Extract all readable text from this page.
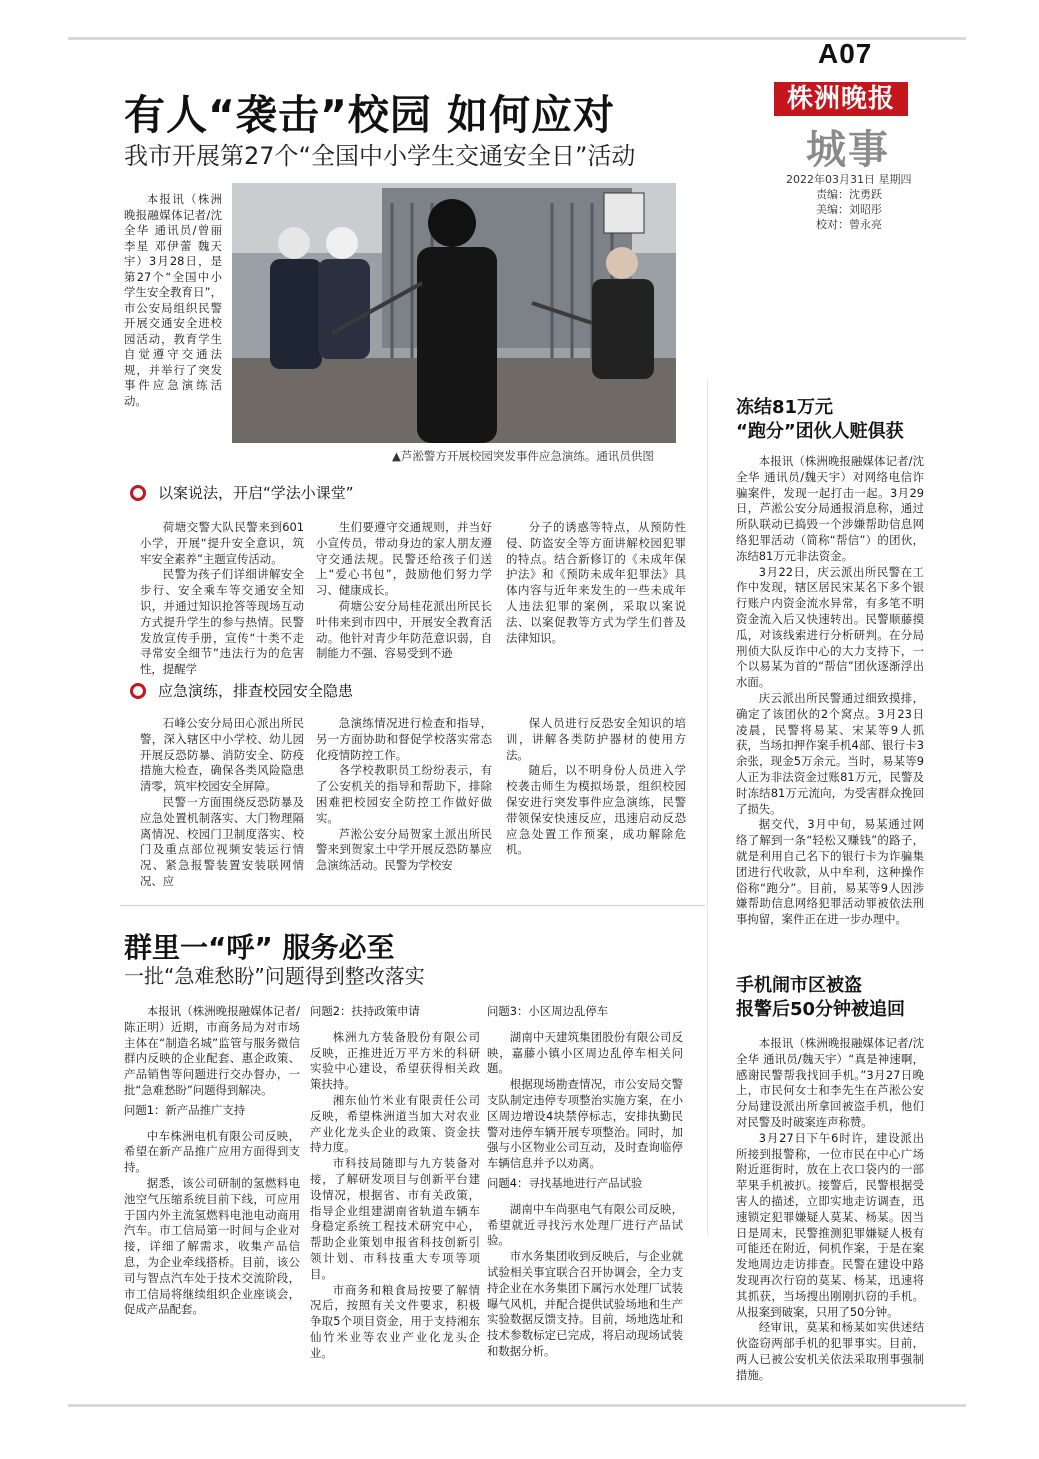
A07
株洲晚报
城事
2022年03月31日 星期四
责编：沈勇跃
美编：刘昭彤
校对：曾永亮
有人“袭击”校园 如何应对
我市开展第27个“全国中小学生交通安全日”活动

本报讯（株洲晚报融媒体记者/沈全华 通讯员/曾丽 李星 邓伊蕾 魏天宇）3月28日，是第27个“全国中小学生安全教育日”，市公安局组织民警开展交通安全进校园活动，教育学生自觉遵守交通法规，并举行了突发事件应急演练活动。

▲芦淞警方开展校园突发事件应急演练。通讯员供图
以案说法，开启“学法小课堂”

荷塘交警大队民警来到601小学，开展“提升安全意识，筑牢安全素养”主题宣传活动。

民警为孩子们详细讲解安全步行、安全乘车等交通安全知识，并通过知识抢答等现场互动方式提升学生的参与热情。民警发放宣传手册，宣传“十类不走寻常安全细节”违法行为的危害性，提醒学

生们要遵守交通规则，并当好小宣传员，带动身边的家人朋友遵守交通法规。民警还给孩子们送上“爱心书包”，鼓励他们努力学习、健康成长。

荷塘公安分局桂花派出所民长叶伟来到市四中，开展安全教育活动。他针对青少年防范意识弱，自制能力不强、容易受到不逊

分子的诱惑等特点，从预防性侵、防盗安全等方面讲解校园犯罪的特点。结合新修订的《未成年保护法》和《预防未成年犯罪法》具体内容与近年来发生的一些未成年人违法犯罪的案例，采取以案说法、以案促教等方式为学生们普及法律知识。

应急演练，排查校园安全隐患

石峰公安分局田心派出所民警，深入辖区中小学校、幼儿园开展反恐防暴、消防安全、防疫措施大检查，确保各类风险隐患清零，筑牢校园安全屏障。

民警一方面围绕反恐防暴及应急处置机制落实、大门物理隔离情况、校园门卫制度落实、校门及重点部位视频安装运行情况、紧急报警装置安装联网情况、应

急演练情况进行检查和指导，另一方面协助和督促学校落实常态化疫情防控工作。

各学校教职员工纷纷表示，有了公安机关的指导和帮助下，排除困难把校园安全防控工作做好做实。

芦淞公安分局贺家土派出所民警来到贺家土中学开展反恐防暴应急演练活动。民警为学校安

保人员进行反恐安全知识的培训，讲解各类防护器材的使用方法。

随后，以不明身份人员进入学校袭击师生为模拟场景，组织校园保安进行突发事件应急演练，民警带领保安快速反应，迅速启动反恐应急处置工作预案，成功解除危机。

群里一“呼” 服务必至
一批“急难愁盼”问题得到整改落实

本报讯（株洲晚报融媒体记者/陈正明）近期，市商务局为对市场主体在“制造名城”监管与服务微信群内反映的企业配套、惠企政策、产品销售等问题进行交办督办，一批“急难愁盼”问题得到解决。

问题1：新产品推广支持

中车株洲电机有限公司反映，希望在新产品推广应用方面得到支持。

据悉，该公司研制的氢燃料电池空气压缩系统目前下线，可应用于国内外主流氢燃料电池电动商用汽车。市工信局第一时间与企业对接，详细了解需求，收集产品信息，为企业牵线搭桥。目前，该公司与智点汽车处于技术交流阶段，市工信局将继续组织企业座谈会，促成产品配套。

问题2：扶持政策申请

株洲九方装备股份有限公司反映，正推进近万平方米的科研实验中心建设，希望获得相关政策扶持。

湘东仙竹米业有限责任公司反映，希望株洲道当加大对农业产业化龙头企业的政策、资金扶持力度。

市科技局随即与九方装备对接，了解研发项目与创新平台建设情况，根据省、市有关政策，指导企业组建湖南省轨道车辆车身稳定系统工程技术研究中心，帮助企业策划申报省科技创新引领计划、市科技重大专项等项目。

市商务和粮食局按要了解情况后，按照有关文件要求，积极争取5个项目资金，用于支持湘东仙竹米业等农业产业化龙头企业。

问题3：小区周边乱停车

湖南中天建筑集团股份有限公司反映，嘉藤小镇小区周边乱停车相关问题。

根据现场勘查情况，市公安局交警支队制定违停专项整治实施方案，在小区周边增设4块禁停标志，安排执勤民警对违停车辆开展专项整治。同时，加强与小区物业公司互动，及时查询临停车辆信息并予以劝离。

问题4：寻找基地进行产品试验

湖南中车尚驱电气有限公司反映，希望就近寻找污水处理厂进行产品试验。

市水务集团收到反映后，与企业就试验相关事宜联合召开协调会，全力支持企业在水务集团下属污水处理厂试装曝气风机，并配合提供试验场地和生产实验数据反馈支持。目前，场地选址和技术参数标定已完成，将启动现场试装和数据分析。

冻结81万元
“跑分”团伙人赃俱获

本报讯（株洲晚报融媒体记者/沈全华 通讯员/魏天宇）对网络电信诈骗案件，发现一起打击一起。3月29日，芦淞公安分局通报消息称，通过所队联动已捣毁一个涉嫌帮助信息网络犯罪活动（简称“帮信”）的团伙，冻结81万元非法资金。

3月22日，庆云派出所民警在工作中发现，辖区居民宋某名下多个银行账户内资金流水异常，有多笔不明资金流入后又快速转出。民警顺藤摸瓜，对该线索进行分析研判。在分局刑侦大队反诈中心的大力支持下，一个以易某为首的“帮信”团伙逐渐浮出水面。

庆云派出所民警通过细致摸排，确定了该团伙的2个窝点。3月23日凌晨，民警将易某、宋某等9人抓获，当场扣押作案手机4部、银行卡3余张，现金5万余元。当时，易某等9人正为非法资金过账81万元，民警及时冻结81万元流向，为受害群众挽回了损失。

据交代，3月中旬，易某通过网络了解到一条“轻松又赚钱”的路子，就是利用自己名下的银行卡为诈骗集团进行代收款，从中牟利，这种操作俗称“跑分”。目前，易某等9人因涉嫌帮助信息网络犯罪活动罪被依法刑事拘留，案件正在进一步办理中。

手机闹市区被盗
报警后50分钟被追回

本报讯（株洲晚报融媒体记者/沈全华 通讯员/魏天宇）“真是神速啊，感谢民警帮我找回手机。”3月27日晚上，市民何女士和李先生在芦淞公安分局建设派出所拿回被盗手机，他们对民警及时破案连声称赞。

3月27日下午6时许，建设派出所接到报警称，一位市民在中心广场附近逛街时，放在上衣口袋内的一部苹果手机被扒。接警后，民警根据受害人的描述，立即实地走访调查，迅速锁定犯罪嫌疑人莫某、杨某。因当日是周末，民警推测犯罪嫌疑人极有可能还在附近，伺机作案，于是在案发地周边走访排查。民警在建设中路发现再次行窃的莫某、杨某，迅速将其抓获，当场搜出刚刚扒窃的手机。从报案到破案，只用了50分钟。

经审讯，莫某和杨某如实供述结伙盗窃两部手机的犯罪事实。目前，两人已被公安机关依法采取刑事强制措施。
